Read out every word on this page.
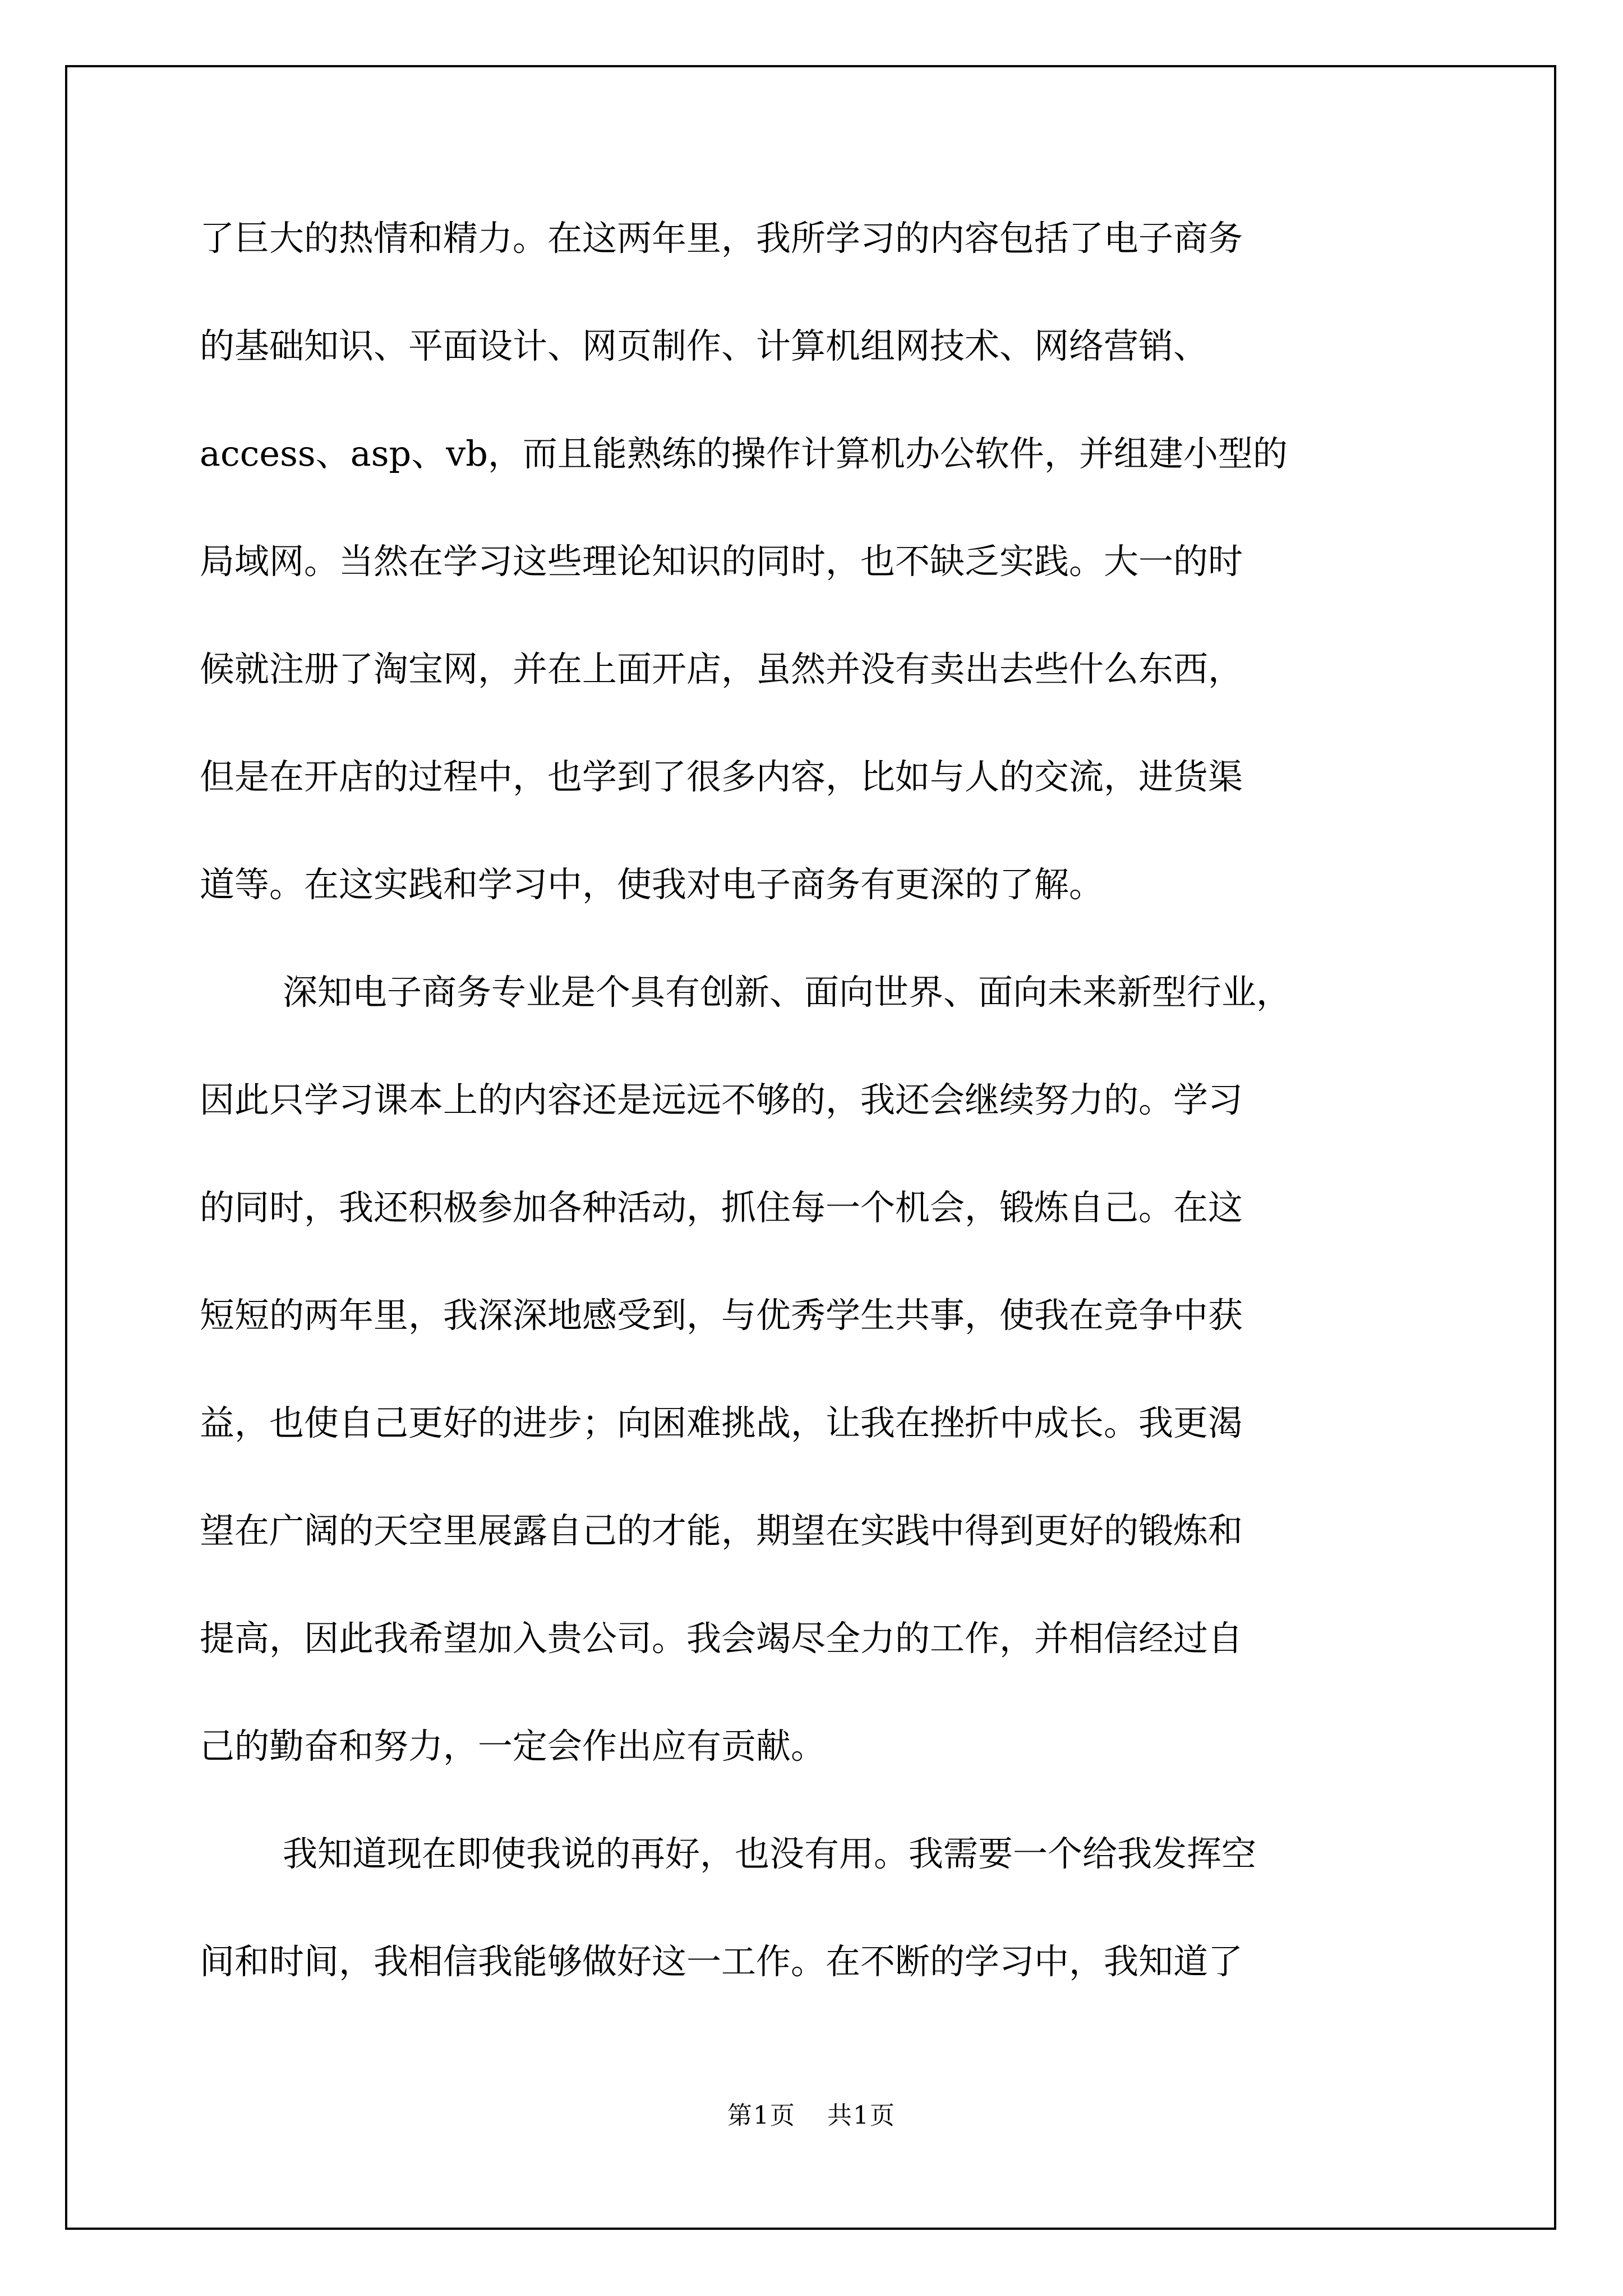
了巨大的热情和精力。在这两年里，我所学习的内容包括了电子商务
的基础知识、平面设计、网页制作、计算机组网技术、网络营销、
access、asp、vb，而且能熟练的操作计算机办公软件，并组建小型的
局域网。当然在学习这些理论知识的同时，也不缺乏实践。大一的时
候就注册了淘宝网，并在上面开店，虽然并没有卖出去些什么东西，
但是在开店的过程中，也学到了很多内容，比如与人的交流，进货渠
道等。在这实践和学习中，使我对电子商务有更深的了解。
深知电子商务专业是个具有创新、面向世界、面向未来新型行业，
因此只学习课本上的内容还是远远不够的，我还会继续努力的。学习
的同时，我还积极参加各种活动，抓住每一个机会，锻炼自己。在这
短短的两年里，我深深地感受到，与优秀学生共事，使我在竞争中获
益，也使自己更好的进步；向困难挑战，让我在挫折中成长。我更渴
望在广阔的天空里展露自己的才能，期望在实践中得到更好的锻炼和
提高，因此我希望加入贵公司。我会竭尽全力的工作，并相信经过自
己的勤奋和努力，一定会作出应有贡献。
我知道现在即使我说的再好，也没有用。我需要一个给我发挥空
间和时间，我相信我能够做好这一工作。在不断的学习中，我知道了
第1页 共1页
